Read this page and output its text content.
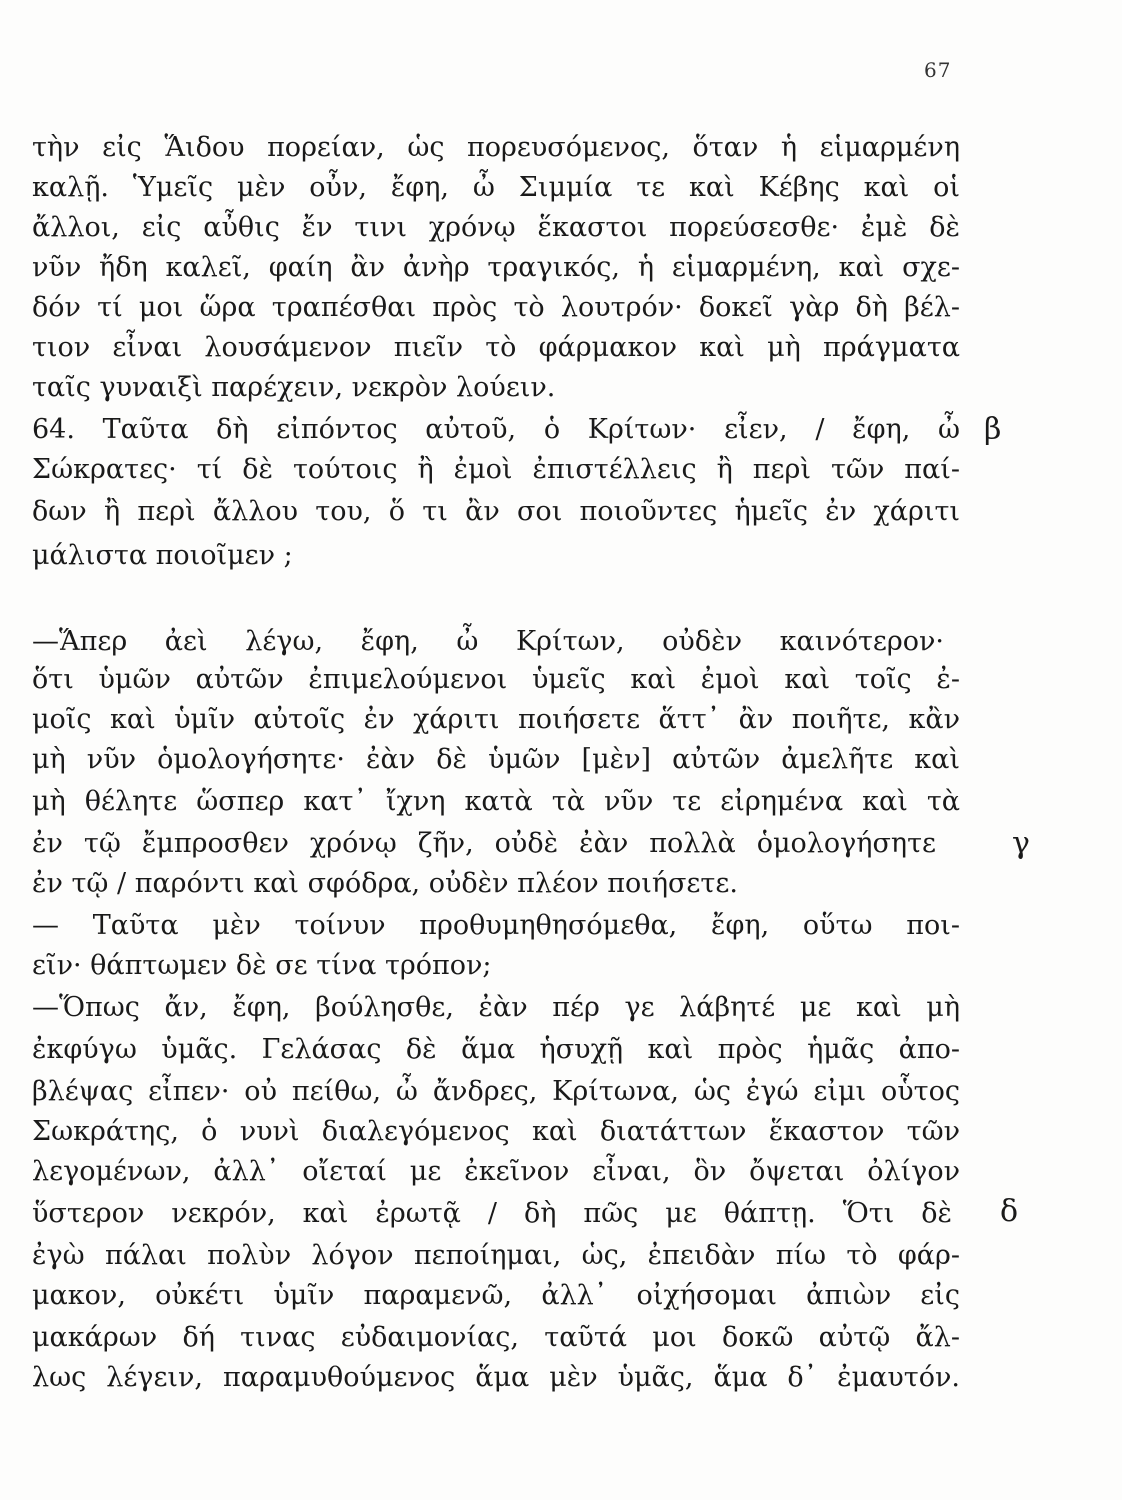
67
τὴν εἰς Ἅιδου πορείαν, ὡς πορευσόμενος, ὅταν ἡ εἱμαρμένη
καλῇ. Ὑμεῖς μὲν οὖν, ἔφη, ὦ Σιμμία τε καὶ Κέβης καὶ οἱ
ἄλλοι, εἰς αὖθις ἔν τινι χρόνῳ ἕκαστοι πορεύσεσθε· ἐμὲ δὲ
νῦν ἤδη καλεῖ, φαίη ἂν ἀνὴρ τραγικός, ἡ εἱμαρμένη, καὶ σχε-
δόν τί μοι ὥρα τραπέσθαι πρὸς τὸ λουτρόν· δοκεῖ γὰρ δὴ βέλ-
τιον εἶναι λουσάμενον πιεῖν τὸ φάρμακον καὶ μὴ πράγματα
ταῖς γυναιξὶ παρέχειν, νεκρὸν λούειν.
64. Ταῦτα δὴ εἰπόντος αὐτοῦ, ὁ Κρίτων· εἶεν, / ἔφη, ὦ
Σώκρατες· τί δὲ τούτοις ἢ ἐμοὶ ἐπιστέλλεις ἢ περὶ τῶν παί-
δων ἢ περὶ ἄλλου του, ὅ τι ἂν σοι ποιοῦντες ἡμεῖς ἐν χάριτι
μάλιστα ποιοῖμεν ;
—Ἅπερ ἀεὶ λέγω, ἔφη, ὦ Κρίτων, οὐδὲν καινότερον·
ὅτι ὑμῶν αὐτῶν ἐπιμελούμενοι ὑμεῖς καὶ ἐμοὶ καὶ τοῖς ἐ-
μοῖς καὶ ὑμῖν αὐτοῖς ἐν χάριτι ποιήσετε ἅττ᾽ ἂν ποιῆτε, κἂν
μὴ νῦν ὁμολογήσητε· ἐὰν δὲ ὑμῶν [μὲν] αὐτῶν ἀμελῆτε καὶ
μὴ θέλητε ὥσπερ κατ᾽ ἴχνη κατὰ τὰ νῦν τε εἰρημένα καὶ τὰ
ἐν τῷ ἔμπροσθεν χρόνῳ ζῆν, οὐδὲ ἐὰν πολλὰ ὁμολογήσητε
ἐν τῷ / παρόντι καὶ σφόδρα, οὐδὲν πλέον ποιήσετε.
— Ταῦτα μὲν τοίνυν προθυμηθησόμεθα, ἔφη, οὕτω ποι-
εῖν· θάπτωμεν δὲ σε τίνα τρόπον;
—Ὅπως ἄν, ἔφη, βούλησθε, ἐὰν πέρ γε λάβητέ με καὶ μὴ
ἐκφύγω ὑμᾶς. Γελάσας δὲ ἅμα ἡσυχῇ καὶ πρὸς ἡμᾶς ἀπο-
βλέψας εἶπεν· οὐ πείθω, ὦ ἄνδρες, Κρίτωνα, ὡς ἐγώ εἰμι οὗτος
Σωκράτης, ὁ νυνὶ διαλεγόμενος καὶ διατάττων ἕκαστον τῶν
λεγομένων, ἀλλ᾽ οἴεταί με ἐκεῖνον εἶναι, ὃν ὄψεται ὀλίγον
ὕστερον νεκρόν, καὶ ἐρωτᾷ / δὴ πῶς με θάπτῃ. Ὅτι δὲ
ἐγὼ πάλαι πολὺν λόγον πεποίημαι, ὡς, ἐπειδὰν πίω τὸ φάρ-
μακον, οὐκέτι ὑμῖν παραμενῶ, ἀλλ᾽ οἰχήσομαι ἀπιὼν εἰς
μακάρων δή τινας εὐδαιμονίας, ταῦτά μοι δοκῶ αὐτῷ ἄλ-
λως λέγειν, παραμυθούμενος ἅμα μὲν ὑμᾶς, ἅμα δ᾽ ἐμαυτόν.
β
γ
δ
